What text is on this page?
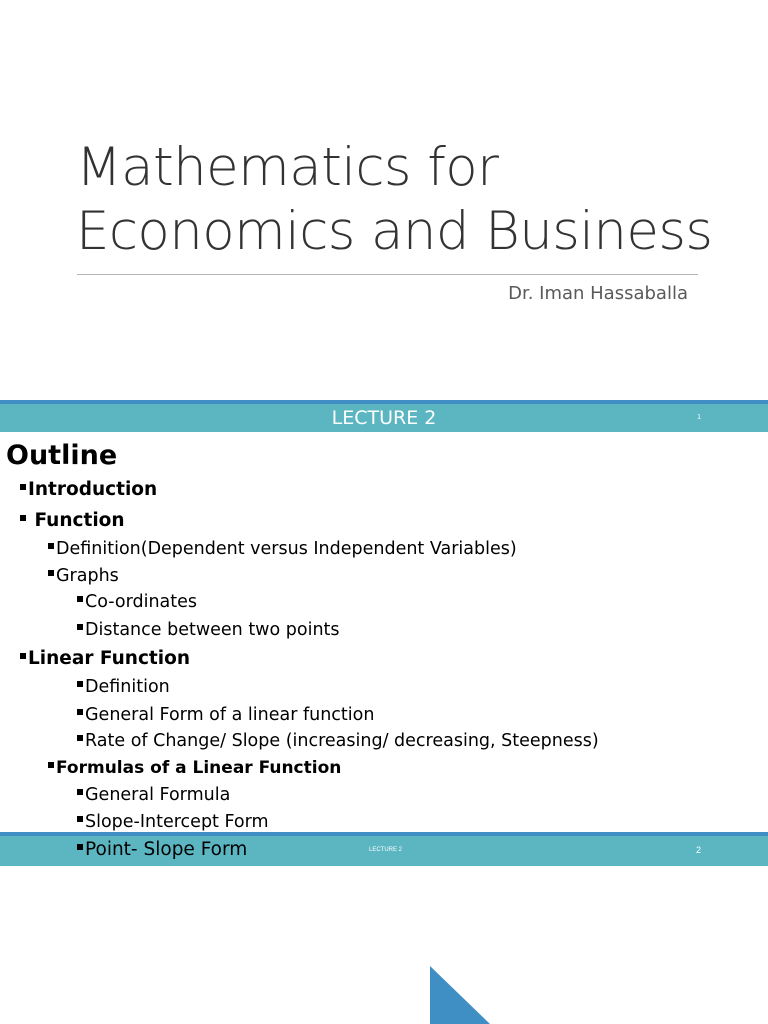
Mathematics for
Economics and Business
Dr. Iman Hassaballa
LECTURE 2	1
Outline
Introduction
Function
Definition(Dependent versus Independent Variables)
Graphs
Co-ordinates
Distance between two points
Linear Function
Definition
General Form of a linear function
Rate of Change/ Slope (increasing/ decreasing, Steepness)
Formulas of a Linear Function
General Formula
Slope-Intercept Form
LECTURE 2	2
Point- Slope Form
